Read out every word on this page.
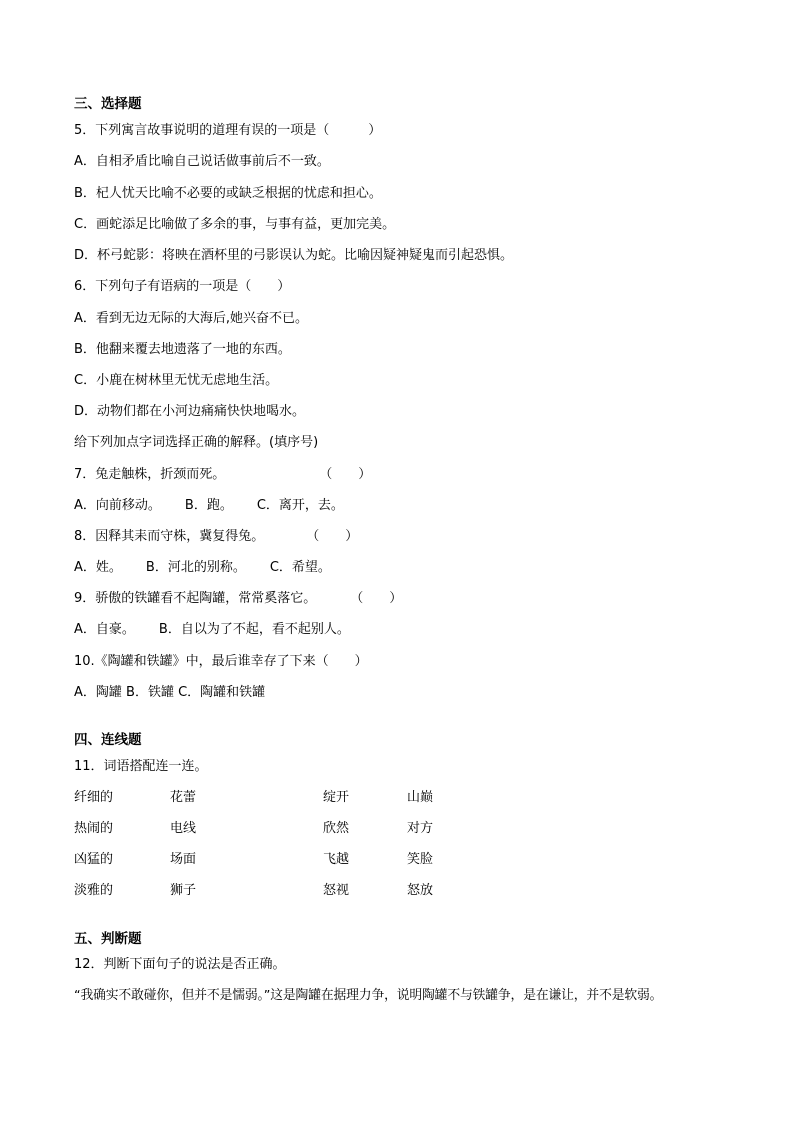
三、选择题
5．下列寓言故事说明的道理有误的一项是（　　　）
A．自相矛盾比喻自己说话做事前后不一致。
B．杞人忧天比喻不必要的或缺乏根据的忧虑和担心。
C．画蛇添足比喻做了多余的事，与事有益，更加完美。
D．杯弓蛇影：将映在酒杯里的弓影误认为蛇。比喻因疑神疑鬼而引起恐惧。
6．下列句子有语病的一项是（　　）
A．看到无边无际的大海后,她兴奋不已。
B．他翻来覆去地遗落了一地的东西。
C．小鹿在树林里无忧无虑地生活。
D．动物们都在小河边痛痛快快地喝水。
给下列加点字词选择正确的解释。(填序号)
7．兔走触株，折颈而死。	（　　）
A．向前移动。 B．跑。 C．离开，去。
8．因释其耒而守株，冀复得兔。	（　　）
A．姓。 B．河北的别称。 C．希望。
9．骄傲的铁罐看不起陶罐，常常奚落它。	（　　）
A．自豪。 B．自以为了不起，看不起别人。
10.《陶罐和铁罐》中，最后谁幸存了下来（　　）
A．陶罐 B．铁罐 C．陶罐和铁罐
四、连线题
11．词语搭配连一连。
纤细的	花蕾	绽开	山巅
热闹的	电线	欣然	对方
凶猛的	场面	飞越	笑脸
淡雅的	狮子	怒视	怒放
五、判断题
12．判断下面句子的说法是否正确。
“我确实不敢碰你，但并不是懦弱。”这是陶罐在据理力争，说明陶罐不与铁罐争，是在谦让，并不是软弱。
